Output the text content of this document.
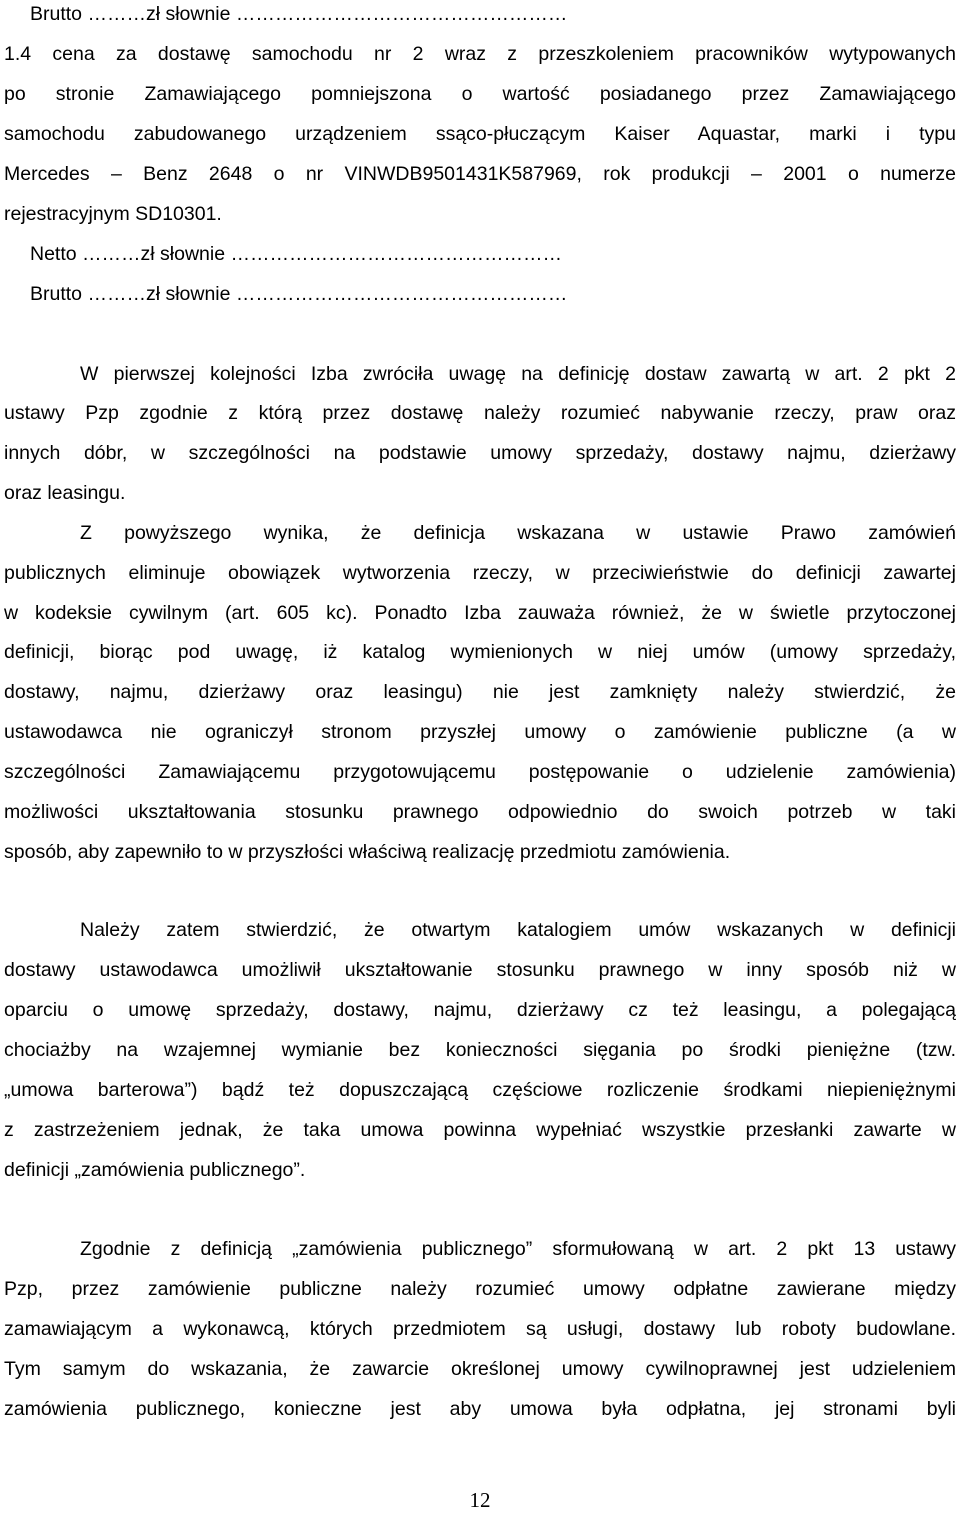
Brutto ………zł słownie ……………………………………………
1.4 cena za dostawę samochodu nr 2 wraz z przeszkoleniem pracowników wytypowanych
po stronie Zamawiającego pomniejszona o wartość posiadanego przez Zamawiającego
samochodu zabudowanego urządzeniem ssąco-płuczącym Kaiser Aquastar, marki i typu
Mercedes – Benz 2648 o nr VINWDB9501431K587969, rok produkcji – 2001 o numerze
rejestracyjnym SD10301.
Netto ………zł słownie ……………………………………………
Brutto ………zł słownie ……………………………………………
W pierwszej kolejności Izba zwróciła uwagę na definicję dostaw zawartą w art. 2 pkt 2
ustawy Pzp zgodnie z którą przez dostawę należy rozumieć nabywanie rzeczy, praw oraz
innych dóbr, w szczególności na podstawie umowy sprzedaży, dostawy najmu, dzierżawy
oraz leasingu.
Z powyższego wynika, że definicja wskazana w ustawie Prawo zamówień
publicznych eliminuje obowiązek wytworzenia rzeczy, w przeciwieństwie do definicji zawartej
w kodeksie cywilnym (art. 605 kc). Ponadto Izba zauważa również, że w świetle przytoczonej
definicji, biorąc pod uwagę, iż katalog wymienionych w niej umów (umowy sprzedaży,
dostawy, najmu, dzierżawy oraz leasingu) nie jest zamknięty należy stwierdzić, że
ustawodawca nie ograniczył stronom przyszłej umowy o zamówienie publiczne (a w
szczególności Zamawiającemu przygotowującemu postępowanie o udzielenie zamówienia)
możliwości ukształtowania stosunku prawnego odpowiednio do swoich potrzeb w taki
sposób, aby zapewniło to w przyszłości właściwą realizację przedmiotu zamówienia.
Należy zatem stwierdzić, że otwartym katalogiem umów wskazanych w definicji
dostawy ustawodawca umożliwił ukształtowanie stosunku prawnego w inny sposób niż w
oparciu o umowę sprzedaży, dostawy, najmu, dzierżawy cz też leasingu, a polegającą
chociażby na wzajemnej wymianie bez konieczności sięgania po środki pieniężne (tzw.
„umowa barterowa”) bądź też dopuszczającą częściowe rozliczenie środkami niepieniężnymi
z zastrzeżeniem jednak, że taka umowa powinna wypełniać wszystkie przesłanki zawarte w
definicji „zamówienia publicznego”.
Zgodnie z definicją „zamówienia publicznego” sformułowaną w art. 2 pkt 13 ustawy
Pzp, przez zamówienie publiczne należy rozumieć umowy odpłatne zawierane między
zamawiającym a wykonawcą, których przedmiotem są usługi, dostawy lub roboty budowlane.
Tym samym do wskazania, że zawarcie określonej umowy cywilnoprawnej jest udzieleniem
zamówienia publicznego, konieczne jest aby umowa była odpłatna, jej stronami byli
12
